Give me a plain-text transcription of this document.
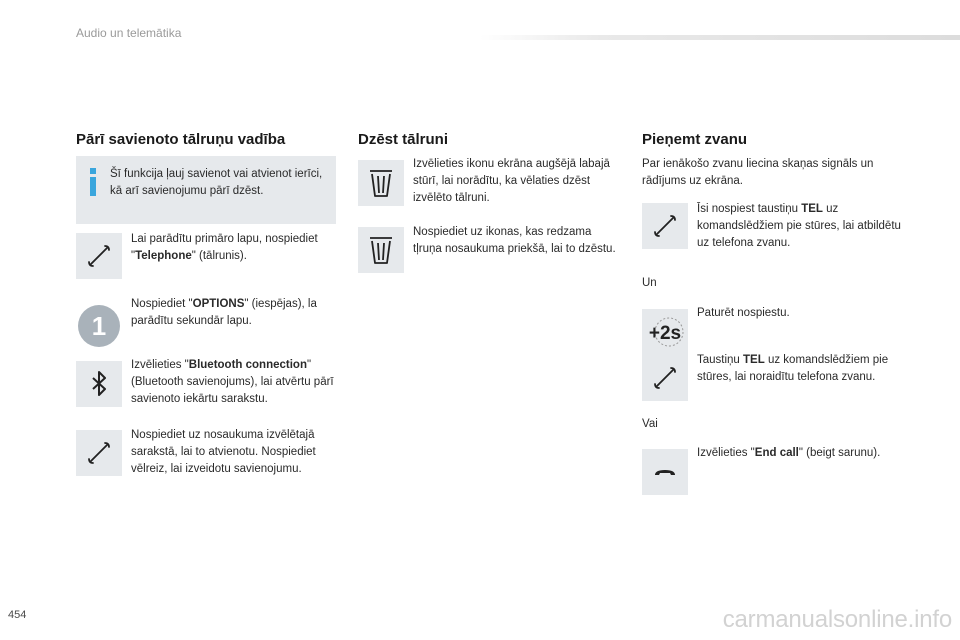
Audio un telemātika
Pārī savienoto tālruņu vadība
Šī funkcija ļauj savienot vai atvienot ierīci, kā arī savienojumu pārī dzēst.
Lai parādītu primāro lapu, nospiediet "Telephone" (tālrunis).
1
Nospiediet "OPTIONS" (iespējas), la parādītu sekundār lapu.
Izvēlieties "Bluetooth connection" (Bluetooth savienojums), lai atvērtu pārī savienoto iekārtu sarakstu.
Nospiediet uz nosaukuma izvēlētajā sarakstā, lai to atvienotu. Nospiediet vēlreiz, lai izveidotu savienojumu.
Dzēst tālruni
Izvēlieties ikonu ekrāna augšējā labajā stūrī, lai norādītu, ka vēlaties dzēst izvēlēto tālruni.
Nospiediet uz ikonas, kas redzama tļruņa nosaukuma priekšā, lai to dzēstu.
Pieņemt zvanu
Par ienākošo zvanu liecina skaņas signāls un rādījums uz ekrāna.
Īsi nospiest taustiņu TEL uz komandslēdžiem pie stūres, lai atbildētu uz telefona zvanu.
Un
+2s
Paturēt nospiestu.
Taustiņu TEL uz komandslēdžiem pie stūres, lai noraidītu telefona zvanu.
Vai
Izvēlieties "End call" (beigt sarunu).
454	carmanualsonline.info
